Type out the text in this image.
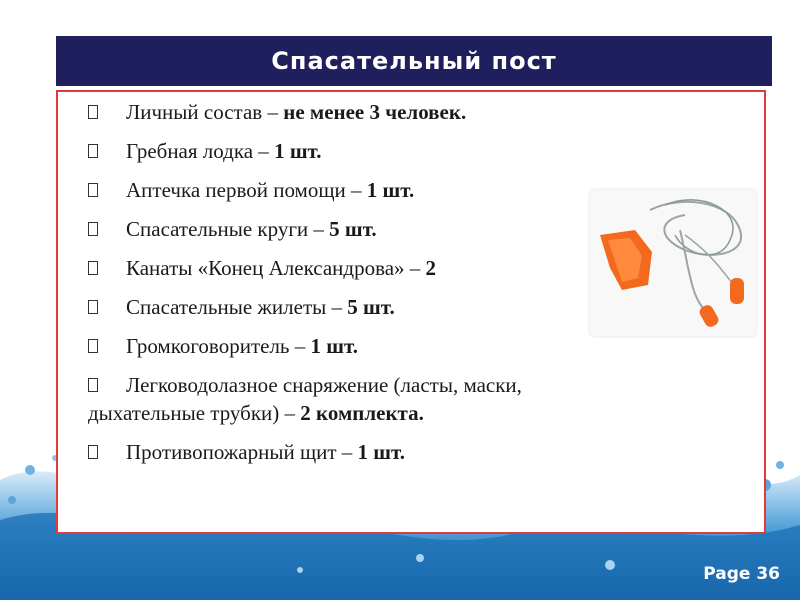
Спасательный пост
Личный состав – не менее 3 человек.
Гребная лодка – 1 шт.
Аптечка первой помощи – 1 шт.
Спасательные круги – 5 шт.
Канаты «Конец Александрова» – 2
Спасательные жилеты – 5 шт.
Громкоговоритель – 1 шт.
Легководолазное снаряжение (ласты, маски,
дыхательные трубки) – 2 комплекта.
Противопожарный щит – 1 шт.
Page 36
